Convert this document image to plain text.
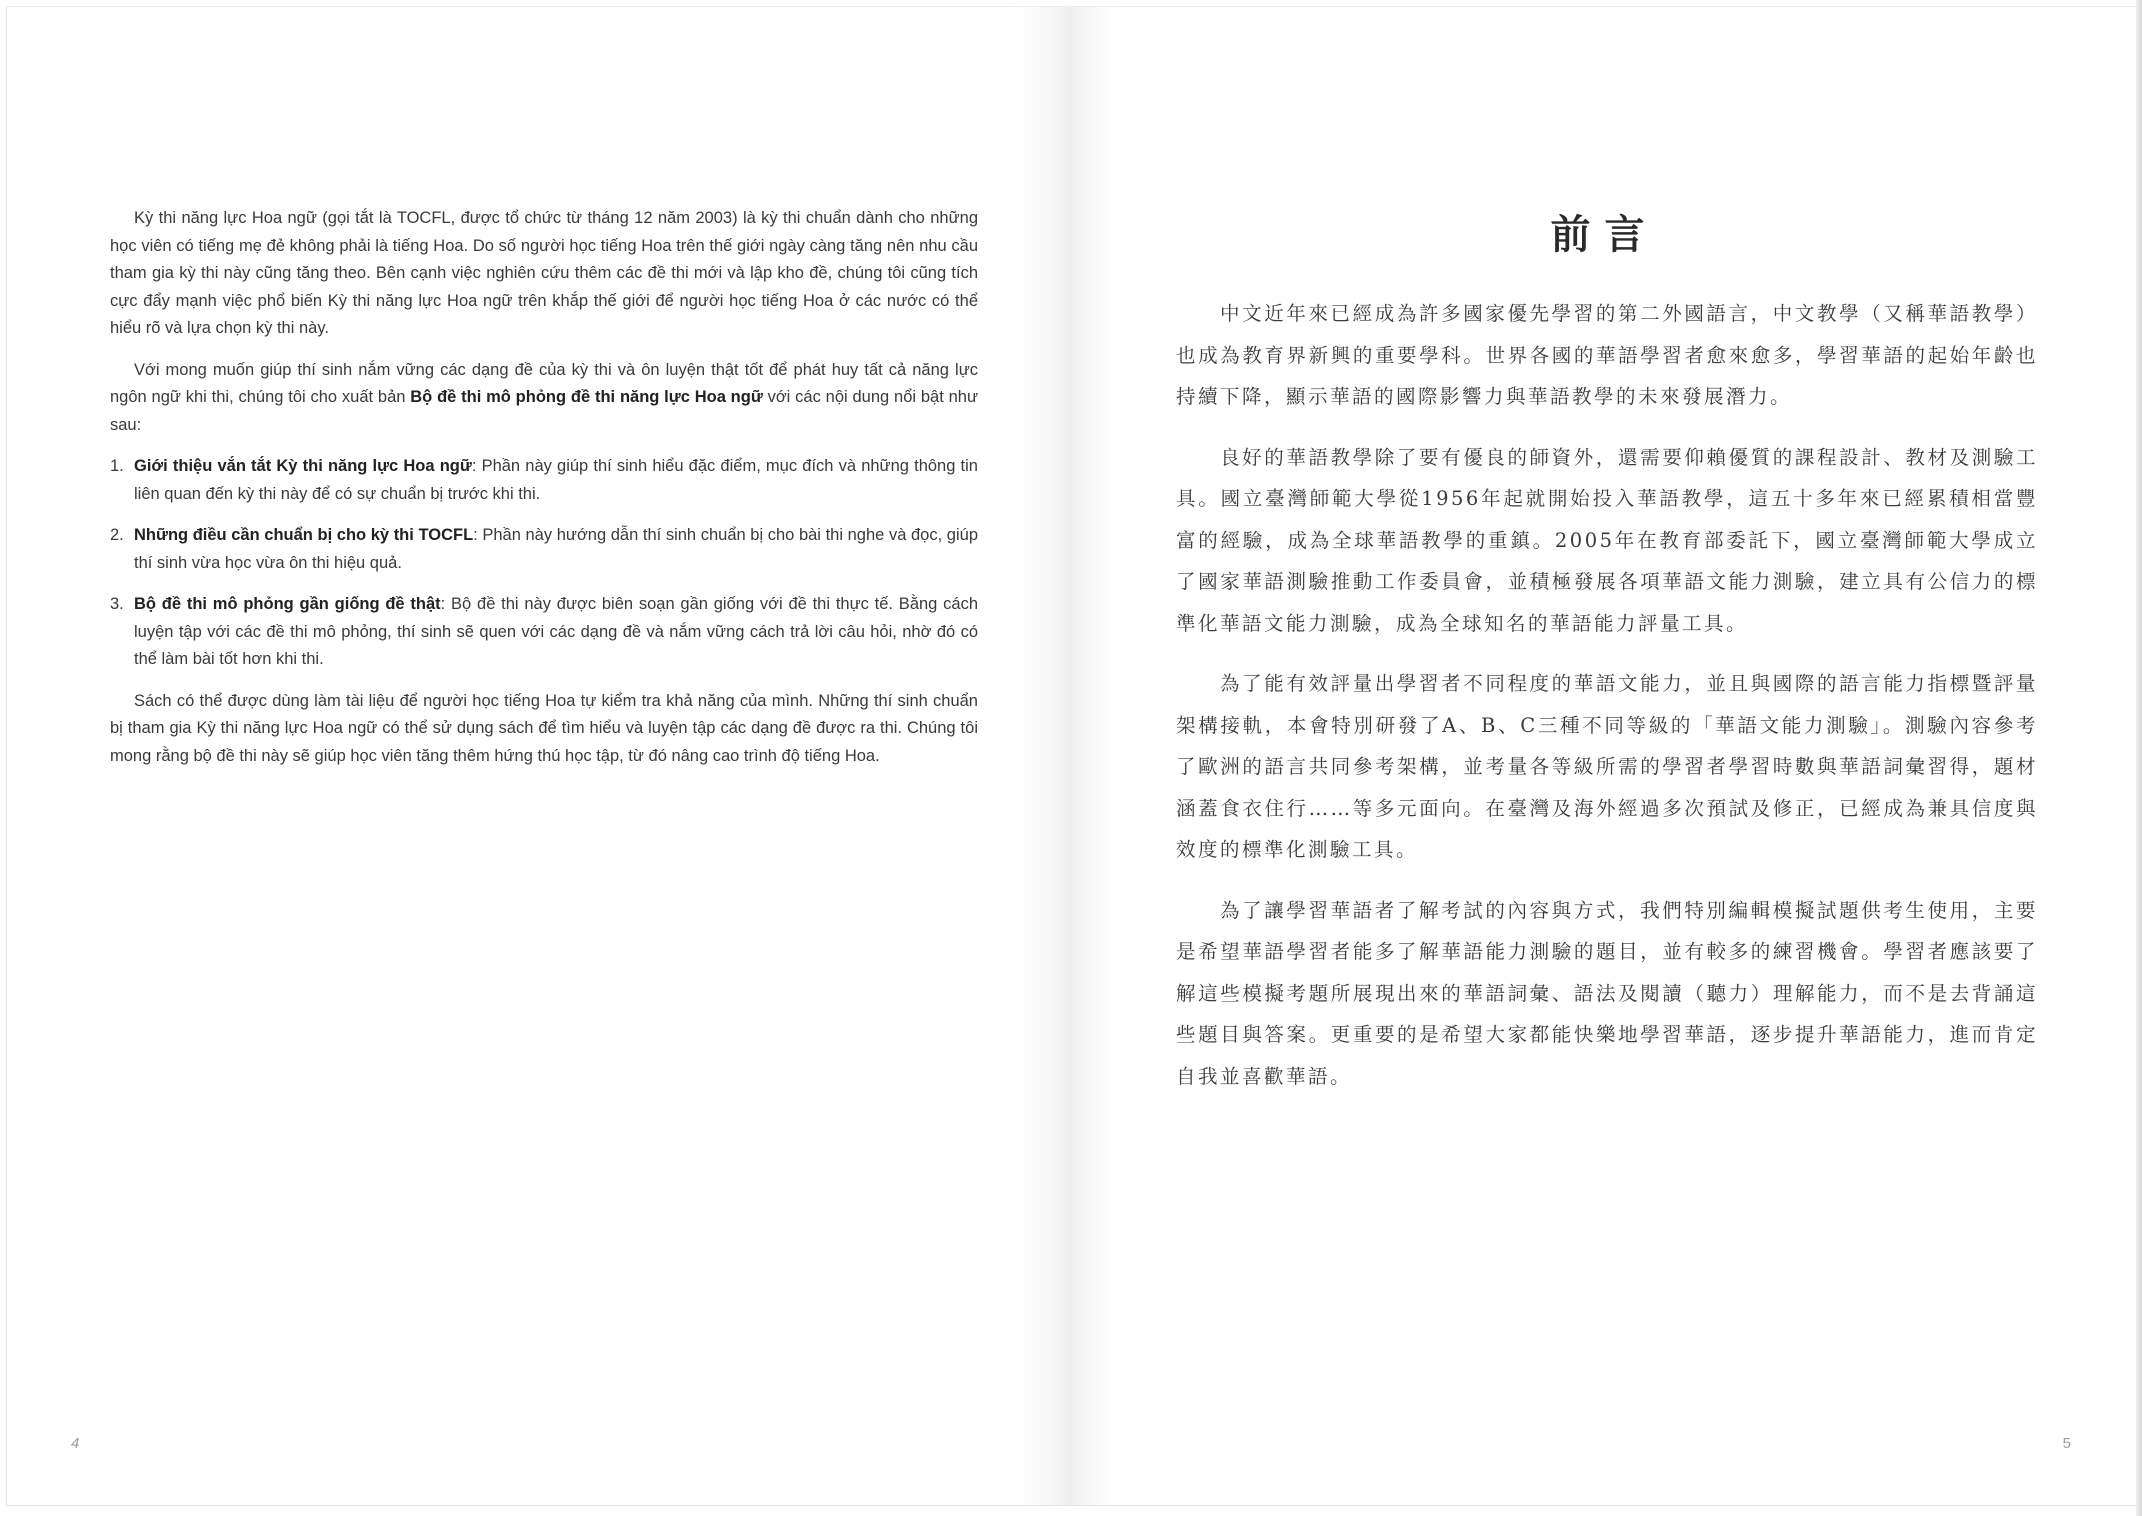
Kỳ thi năng lực Hoa ngữ (gọi tắt là TOCFL, được tổ chức từ tháng 12 năm 2003) là kỳ thi chuẩn dành cho những học viên có tiếng mẹ đẻ không phải là tiếng Hoa. Do số người học tiếng Hoa trên thế giới ngày càng tăng nên nhu cầu tham gia kỳ thi này cũng tăng theo. Bên cạnh việc nghiên cứu thêm các đề thi mới và lập kho đề, chúng tôi cũng tích cực đẩy mạnh việc phổ biến Kỳ thi năng lực Hoa ngữ trên khắp thế giới để người học tiếng Hoa ở các nước có thể hiểu rõ và lựa chọn kỳ thi này.

Với mong muốn giúp thí sinh nắm vững các dạng đề của kỳ thi và ôn luyện thật tốt để phát huy tất cả năng lực ngôn ngữ khi thi, chúng tôi cho xuất bản Bộ đề thi mô phỏng đề thi năng lực Hoa ngữ với các nội dung nổi bật như sau:

1. Giới thiệu vắn tắt Kỳ thi năng lực Hoa ngữ: Phần này giúp thí sinh hiểu đặc điểm, mục đích và những thông tin liên quan đến kỳ thi này để có sự chuẩn bị trước khi thi.
2. Những điều cần chuẩn bị cho kỳ thi TOCFL: Phần này hướng dẫn thí sinh chuẩn bị cho bài thi nghe và đọc, giúp thí sinh vừa học vừa ôn thi hiệu quả.
3. Bộ đề thi mô phỏng gần giống đề thật: Bộ đề thi này được biên soạn gần giống với đề thi thực tế. Bằng cách luyện tập với các đề thi mô phỏng, thí sinh sẽ quen với các dạng đề và nắm vững cách trả lời câu hỏi, nhờ đó có thể làm bài tốt hơn khi thi.

Sách có thể được dùng làm tài liệu để người học tiếng Hoa tự kiểm tra khả năng của mình. Những thí sinh chuẩn bị tham gia Kỳ thi năng lực Hoa ngữ có thể sử dụng sách để tìm hiểu và luyện tập các dạng đề được ra thi. Chúng tôi mong rằng bộ đề thi này sẽ giúp học viên tăng thêm hứng thú học tập, từ đó nâng cao trình độ tiếng Hoa.

4
前言

中文近年來已經成為許多國家優先學習的第二外國語言，中文教學（又稱華語教學）也成為教育界新興的重要學科。世界各國的華語學習者愈來愈多，學習華語的起始年齡也持續下降，顯示華語的國際影響力與華語教學的未來發展潛力。

良好的華語教學除了要有優良的師資外，還需要仰賴優質的課程設計、教材及測驗工具。國立臺灣師範大學從1956年起就開始投入華語教學，這五十多年來已經累積相當豐富的經驗，成為全球華語教學的重鎮。2005年在教育部委託下，國立臺灣師範大學成立了國家華語測驗推動工作委員會，並積極發展各項華語文能力測驗，建立具有公信力的標準化華語文能力測驗，成為全球知名的華語能力評量工具。

為了能有效評量出學習者不同程度的華語文能力，並且與國際的語言能力指標暨評量架構接軌，本會特別研發了A、B、C三種不同等級的「華語文能力測驗」。測驗內容參考了歐洲的語言共同參考架構，並考量各等級所需的學習者學習時數與華語詞彙習得，題材涵蓋食衣住行……等多元面向。在臺灣及海外經過多次預試及修正，已經成為兼具信度與效度的標準化測驗工具。

為了讓學習華語者了解考試的內容與方式，我們特別編輯模擬試題供考生使用，主要是希望華語學習者能多了解華語能力測驗的題目，並有較多的練習機會。學習者應該要了解這些模擬考題所展現出來的華語詞彙、語法及閱讀（聽力）理解能力，而不是去背誦這些題目與答案。更重要的是希望大家都能快樂地學習華語，逐步提升華語能力，進而肯定自我並喜歡華語。

5
